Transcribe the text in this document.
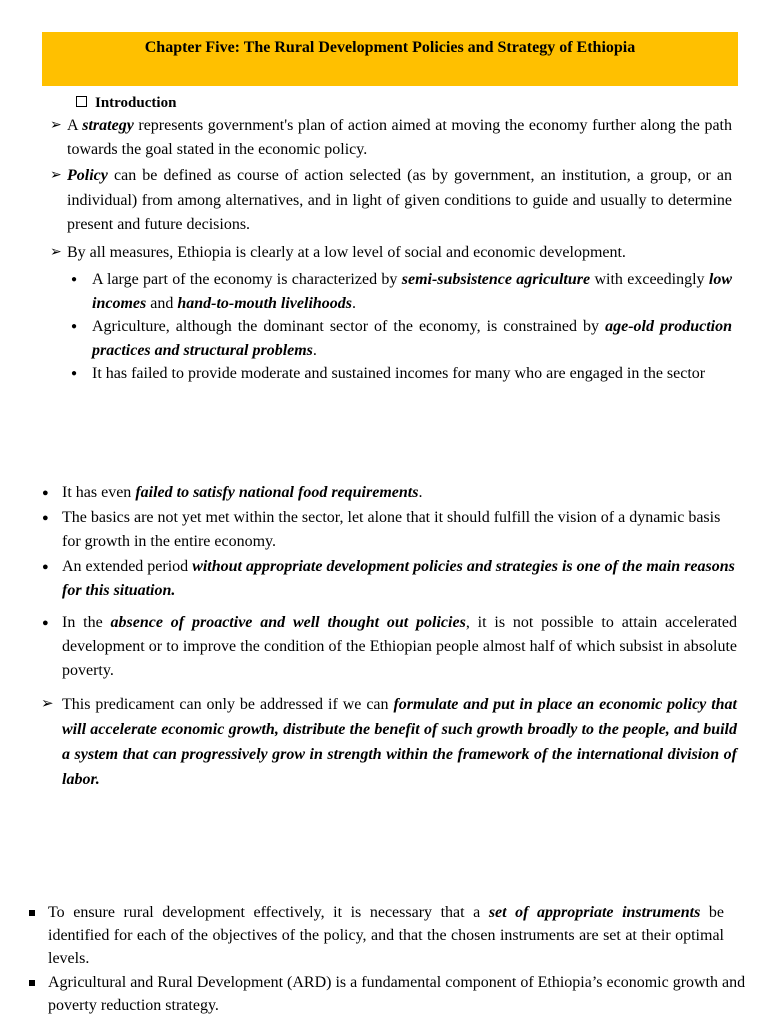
Chapter Five: The Rural Development Policies and Strategy of Ethiopia
Introduction
➢ A strategy represents government's plan of action aimed at moving the economy further along the path towards the goal stated in the economic policy.
➢ Policy can be defined as course of action selected (as by government, an institution, a group, or an individual) from among alternatives, and in light of given conditions to guide and usually to determine present and future decisions.
➢ By all measures, Ethiopia is clearly at a low level of social and economic development.
● A large part of the economy is characterized by semi-subsistence agriculture with exceedingly low incomes and hand-to-mouth livelihoods.
● Agriculture, although the dominant sector of the economy, is constrained by age-old production practices and structural problems.
● It has failed to provide moderate and sustained incomes for many who are engaged in the sector
● It has even failed to satisfy national food requirements.
● The basics are not yet met within the sector, let alone that it should fulfill the vision of a dynamic basis for growth in the entire economy.
● An extended period without appropriate development policies and strategies is one of the main reasons for this situation.
● In the absence of proactive and well thought out policies, it is not possible to attain accelerated development or to improve the condition of the Ethiopian people almost half of which subsist in absolute poverty.
➢ This predicament can only be addressed if we can formulate and put in place an economic policy that will accelerate economic growth, distribute the benefit of such growth broadly to the people, and build a system that can progressively grow in strength within the framework of the international division of labor.
To ensure rural development effectively, it is necessary that a set of appropriate instruments be identified for each of the objectives of the policy, and that the chosen instruments are set at their optimal levels.
Agricultural and Rural Development (ARD) is a fundamental component of Ethiopia’s economic growth and poverty reduction strategy.
